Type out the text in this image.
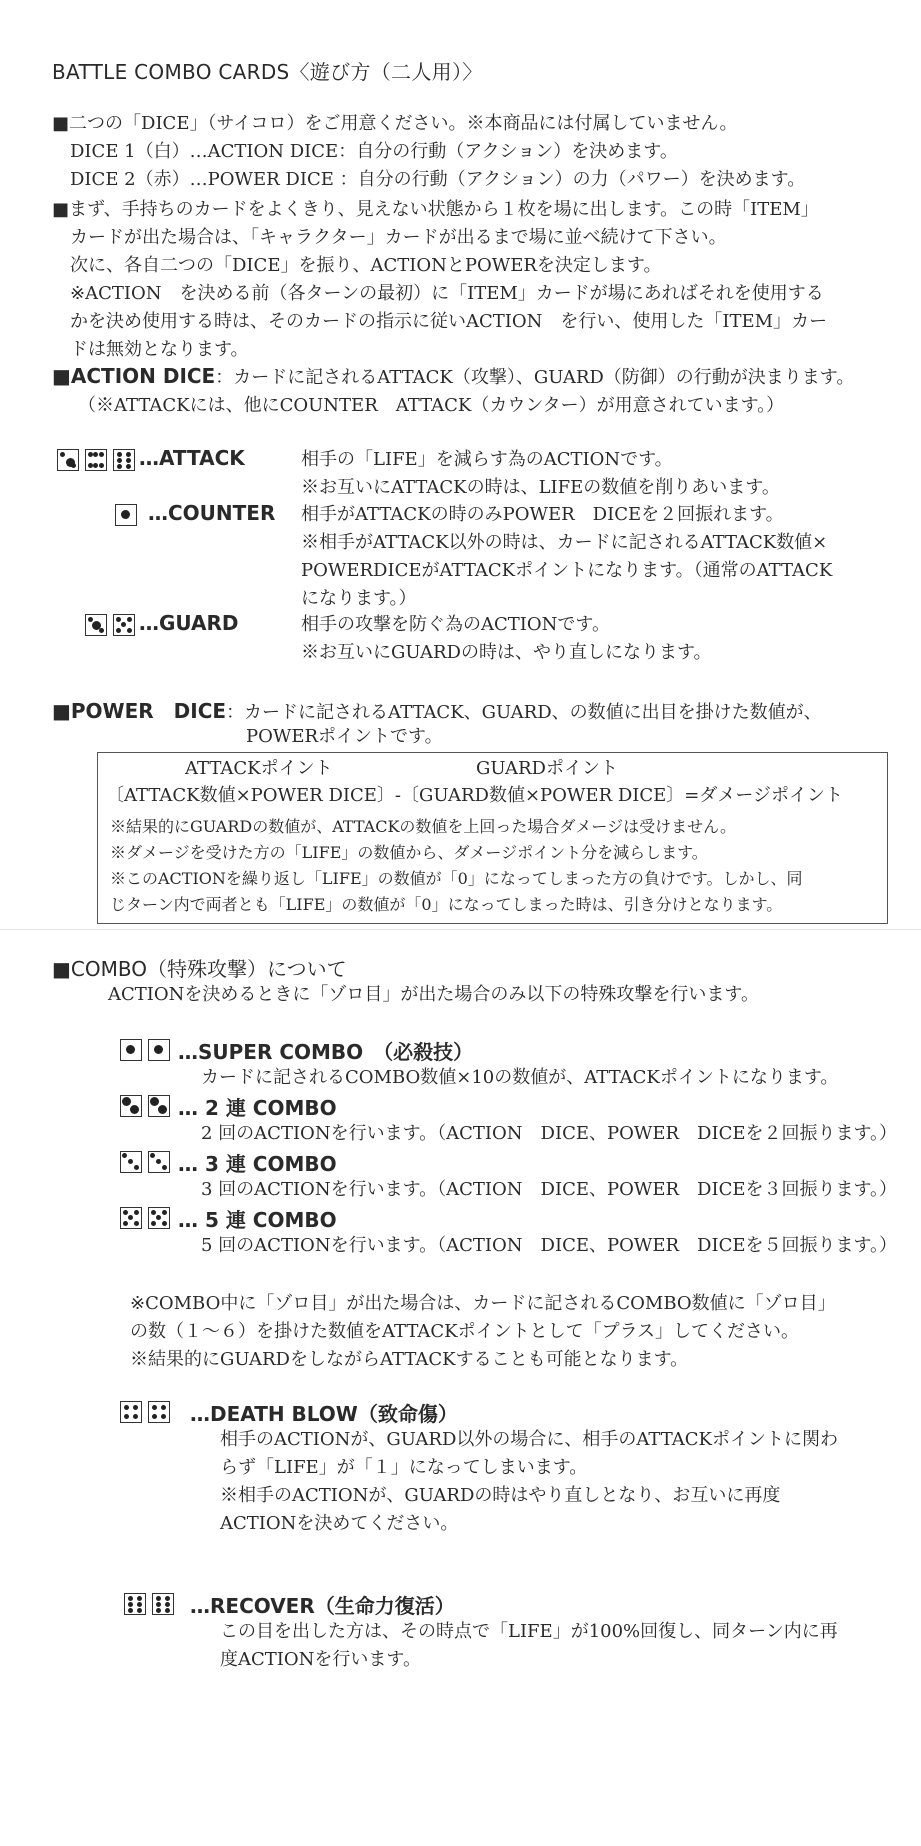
BATTLE COMBO CARDS〈遊び方（二人用）〉
■二つの「DICE」（サイコロ）をご用意ください。※本商品には付属していません。
DICE 1（白）…ACTION DICE：自分の行動（アクション）を決めます。
DICE 2（赤）…POWER DICE ：自分の行動（アクション）の力（パワー）を決めます。
■まず、手持ちのカードをよくきり、見えない状態から１枚を場に出します。この時「ITEM」
カードが出た場合は、「キャラクター」カードが出るまで場に並べ続けて下さい。
次に、各自二つの「DICE」を振り、ACTIONとPOWERを決定します。
※ACTION　を決める前（各ターンの最初）に「ITEM」カードが場にあればそれを使用する
かを決め使用する時は、そのカードの指示に従いACTION　を行い、使用した「ITEM」カー
ドは無効となります。
■ACTION DICE：カードに記されるATTACK（攻撃）、GUARD（防御）の行動が決まります。
（※ATTACKには、他にCOUNTER　ATTACK（カウンター）が用意されています。）
…ATTACK	相手の「LIFE」を減らす為のACTIONです。
※お互いにATTACKの時は、LIFEの数値を削りあいます。
…COUNTER 相手がATTACKの時のみPOWER　DICEを２回振れます。
※相手がATTACK以外の時は、カードに記されるATTACK数値×
POWERDICEがATTACKポイントになります。（通常のATTACK
になります。）
…GUARD	相手の攻撃を防ぐ為のACTIONです。
※お互いにGUARDの時は、やり直しになります。
■POWER　DICE：カードに記されるATTACK、GUARD、の数値に出目を掛けた数値が、
POWERポイントです。
ATTACKポイント	GUARDポイント
〔ATTACK数値×POWER DICE〕-〔GUARD数値×POWER DICE〕=ダメージポイント
※結果的にGUARDの数値が、ATTACKの数値を上回った場合ダメージは受けません。
※ダメージを受けた方の「LIFE」の数値から、ダメージポイント分を減らします。
※このACTIONを繰り返し「LIFE」の数値が「0」になってしまった方の負けです。しかし、同
じターン内で両者とも「LIFE」の数値が「0」になってしまった時は、引き分けとなります。
■COMBO（特殊攻撃）について
ACTIONを決めるときに「ゾロ目」が出た場合のみ以下の特殊攻撃を行います。
…SUPER COMBO　（必殺技）
カードに記されるCOMBO数値×10の数値が、ATTACKポイントになります。
… 2 連 COMBO
2 回のACTIONを行います。（ACTION　DICE、POWER　DICEを２回振ります。）
… 3 連 COMBO
3 回のACTIONを行います。（ACTION　DICE、POWER　DICEを３回振ります。）
… 5 連 COMBO
5 回のACTIONを行います。（ACTION　DICE、POWER　DICEを５回振ります。）
※COMBO中に「ゾロ目」が出た場合は、カードに記されるCOMBO数値に「ゾロ目」
の数（１～６）を掛けた数値をATTACKポイントとして「プラス」してください。
※結果的にGUARDをしながらATTACKすることも可能となります。
…DEATH BLOW（致命傷）
相手のACTIONが、GUARD以外の場合に、相手のATTACKポイントに関わ
らず「LIFE」が「１」になってしまいます。
※相手のACTIONが、GUARDの時はやり直しとなり、お互いに再度
ACTIONを決めてください。
…RECOVER（生命力復活）
この目を出した方は、その時点で「LIFE」が100%回復し、同ターン内に再
度ACTIONを行います。
